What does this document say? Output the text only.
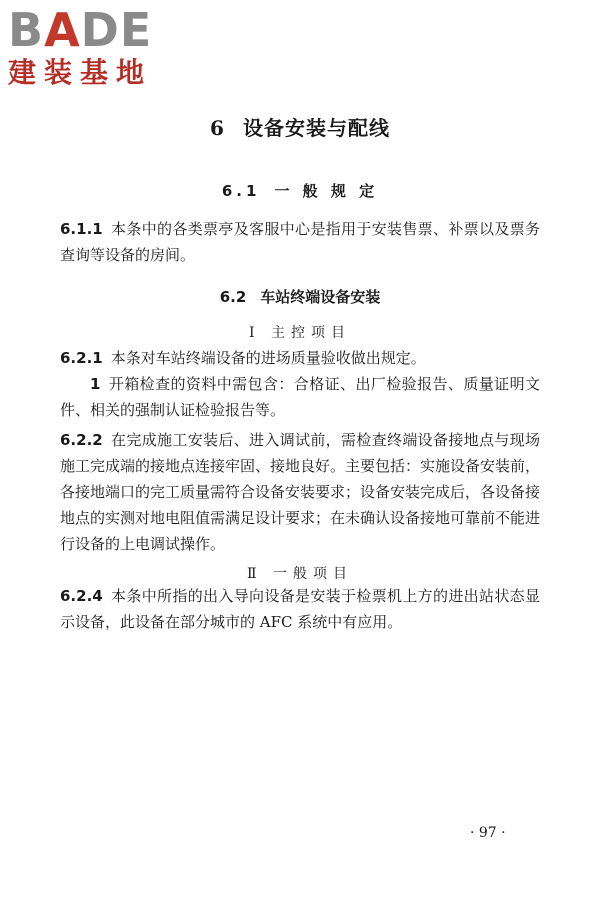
BADE
建装基地
6 设备安装与配线
6.1 一 般 规 定

6.1.1 本条中的各类票亭及客服中心是指用于安装售票、补票以及票务查询等设备的房间。

6.2 车站终端设备安装
Ⅰ 主控项目

6.2.1 本条对车站终端设备的进场质量验收做出规定。

1 开箱检查的资料中需包含：合格证、出厂检验报告、质量证明文件、相关的强制认证检验报告等。

6.2.2 在完成施工安装后、进入调试前，需检查终端设备接地点与现场施工完成端的接地点连接牢固、接地良好。主要包括：实施设备安装前，各接地端口的完工质量需符合设备安装要求；设备安装完成后，各设备接地点的实测对地电阻值需满足设计要求；在未确认设备接地可靠前不能进行设备的上电调试操作。

Ⅱ 一般项目

6.2.4 本条中所指的出入导向设备是安装于检票机上方的进出站状态显示设备，此设备在部分城市的 AFC 系统中有应用。

· 97 ·
